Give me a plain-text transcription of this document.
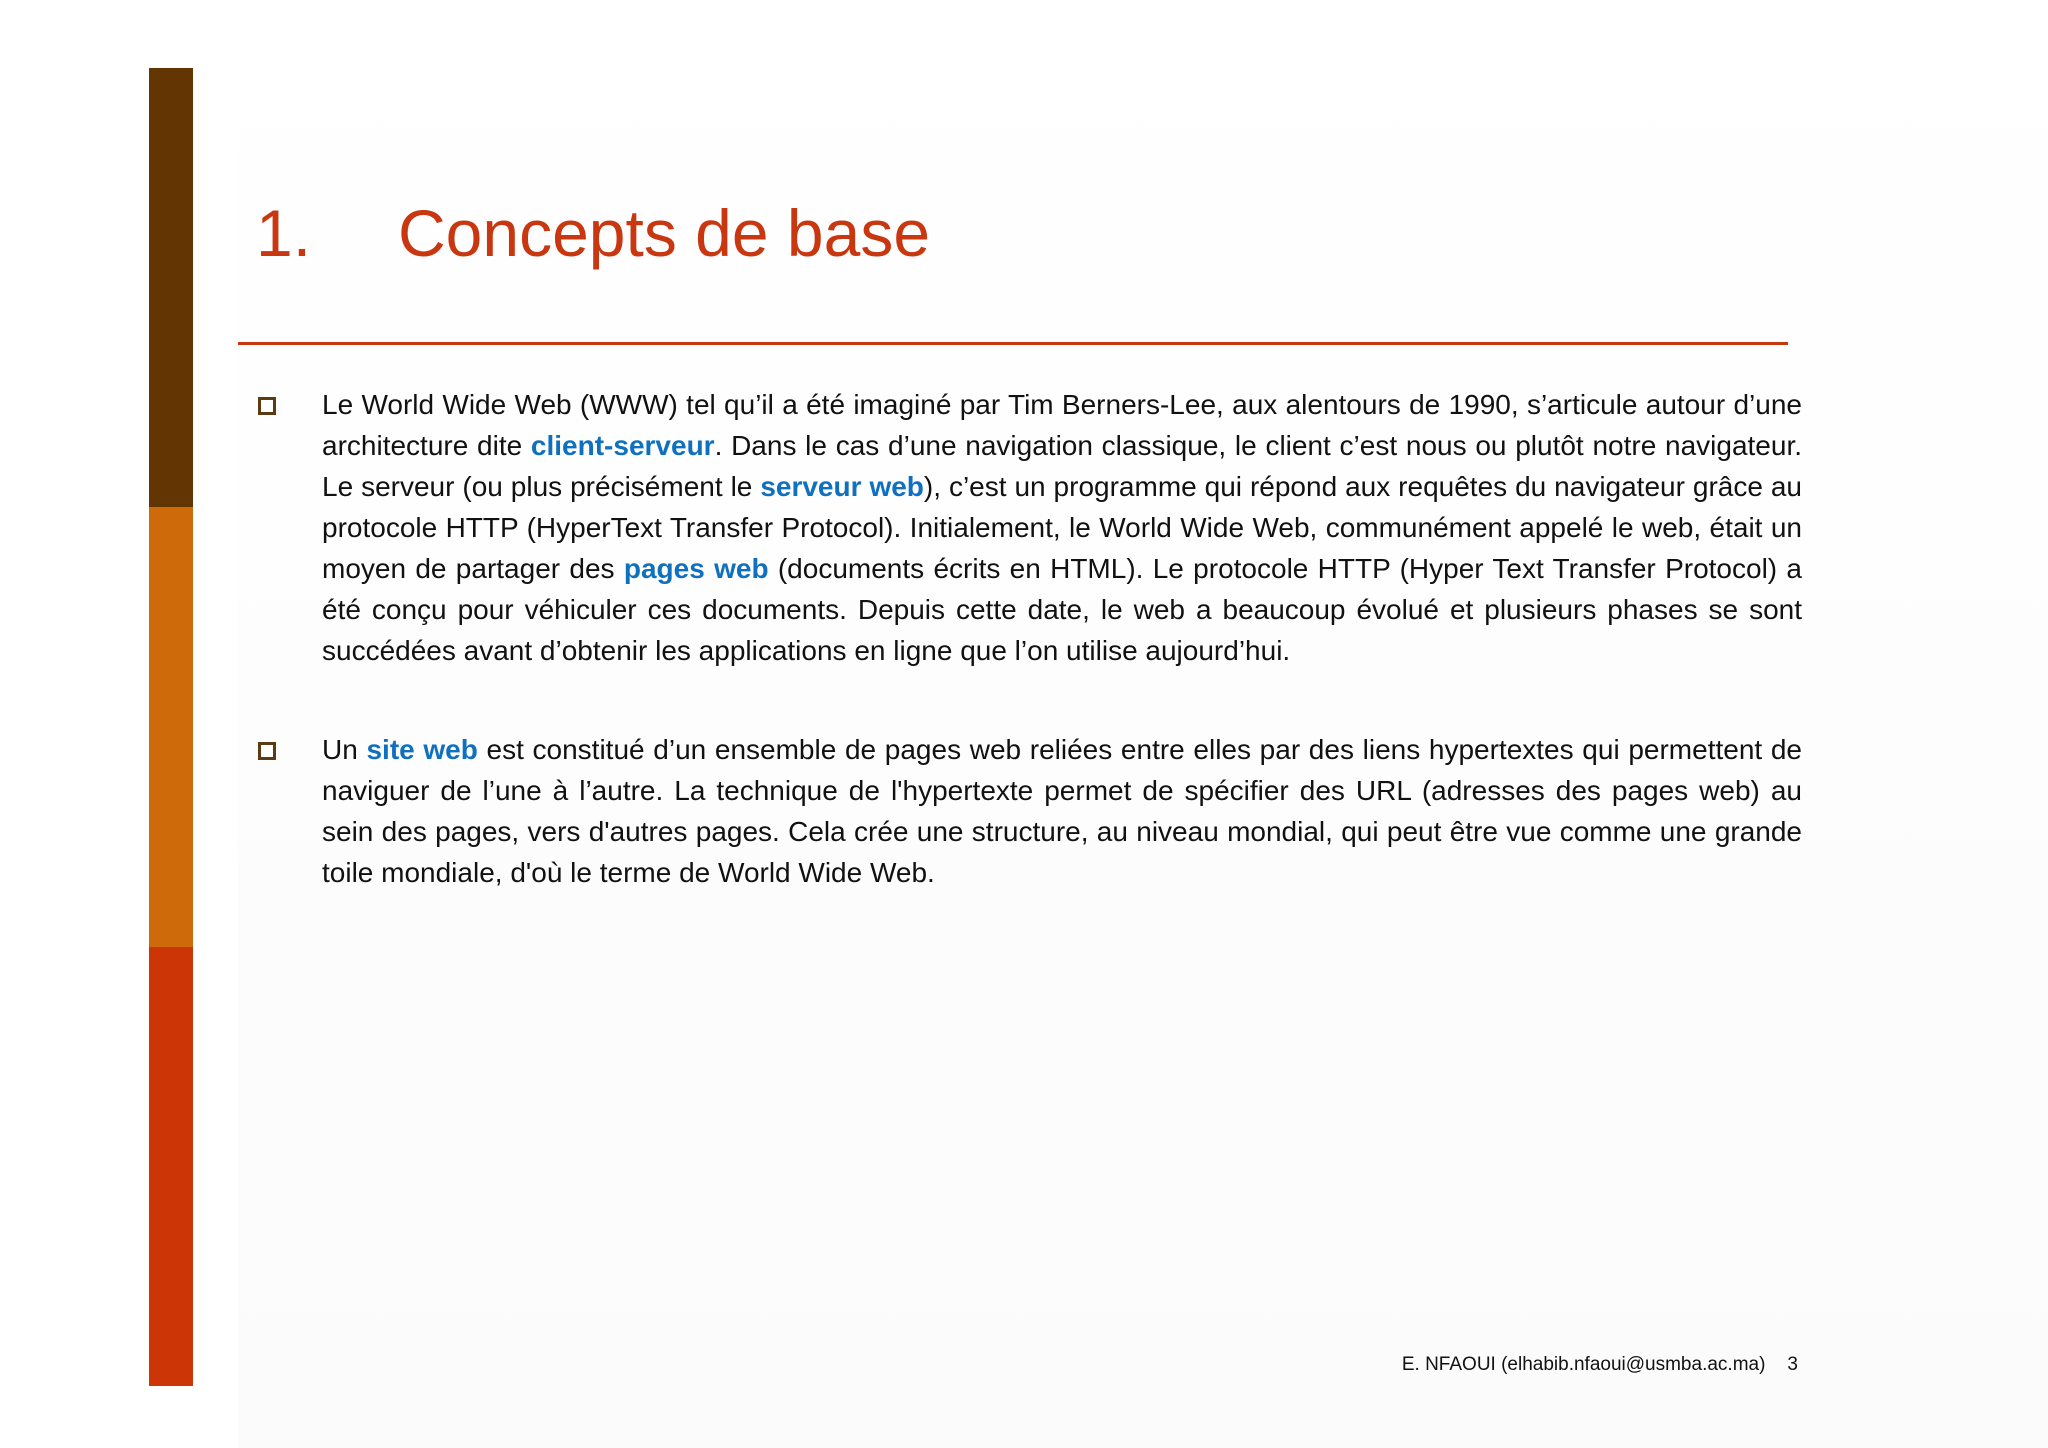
1. Concepts de base
Le World Wide Web (WWW) tel qu’il a été imaginé par Tim Berners-Lee, aux alentours de 1990, s’articule autour d’une architecture dite client-serveur. Dans le cas d’une navigation classique, le client c’est nous ou plutôt notre navigateur. Le serveur (ou plus précisément le serveur web), c’est un programme qui répond aux requêtes du navigateur grâce au protocole HTTP (HyperText Transfer Protocol). Initialement, le World Wide Web, communément appelé le web, était un moyen de partager des pages web (documents écrits en HTML). Le protocole HTTP (Hyper Text Transfer Protocol) a été conçu pour véhiculer ces documents. Depuis cette date, le web a beaucoup évolué et plusieurs phases se sont succédées avant d’obtenir les applications en ligne que l’on utilise aujourd’hui.
Un site web est constitué d’un ensemble de pages web reliées entre elles par des liens hypertextes qui permettent de naviguer de l’une à l’autre. La technique de l'hypertexte permet de spécifier des URL (adresses des pages web) au sein des pages, vers d'autres pages. Cela crée une structure, au niveau mondial, qui peut être vue comme une grande toile mondiale, d'où le terme de World Wide Web.
E. NFAOUI (elhabib.nfaoui@usmba.ac.ma) 3
